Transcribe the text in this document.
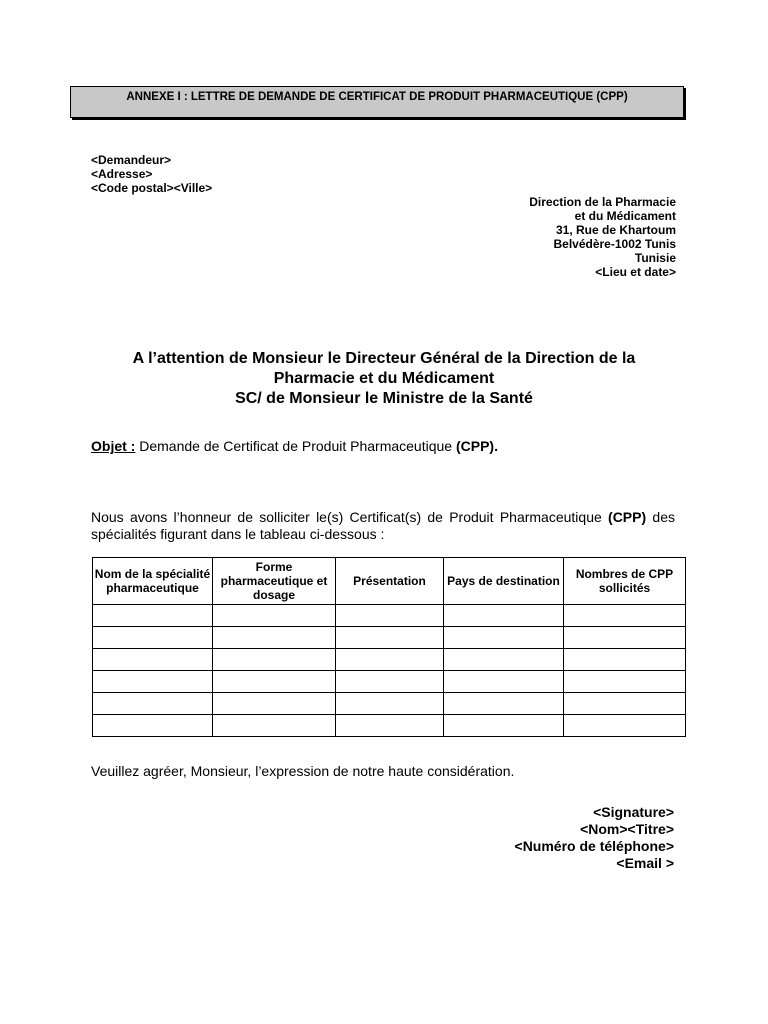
ANNEXE I : LETTRE DE DEMANDE DE CERTIFICAT DE PRODUIT PHARMACEUTIQUE (CPP)
<Demandeur>
<Adresse>
<Code postal><Ville>
Direction de la Pharmacie
et du Médicament
31, Rue de Khartoum
Belvédère-1002 Tunis
Tunisie
<Lieu et date>
A l’attention de Monsieur le Directeur Général de la Direction de la
Pharmacie et du Médicament
SC/ de Monsieur le Ministre de la Santé
Objet : Demande de Certificat de Produit Pharmaceutique (CPP).
Nous avons l’honneur de solliciter le(s) Certificat(s) de Produit Pharmaceutique (CPP) des spécialités figurant dans le tableau ci-dessous :
Nom de la spécialité pharmaceutique	Forme pharmaceutique et dosage	Présentation	Pays de destination	Nombres de CPP sollicités

Veuillez agréer, Monsieur, l’expression de notre haute considération.
<Signature>
<Nom><Titre>
<Numéro de téléphone>
<Email >
